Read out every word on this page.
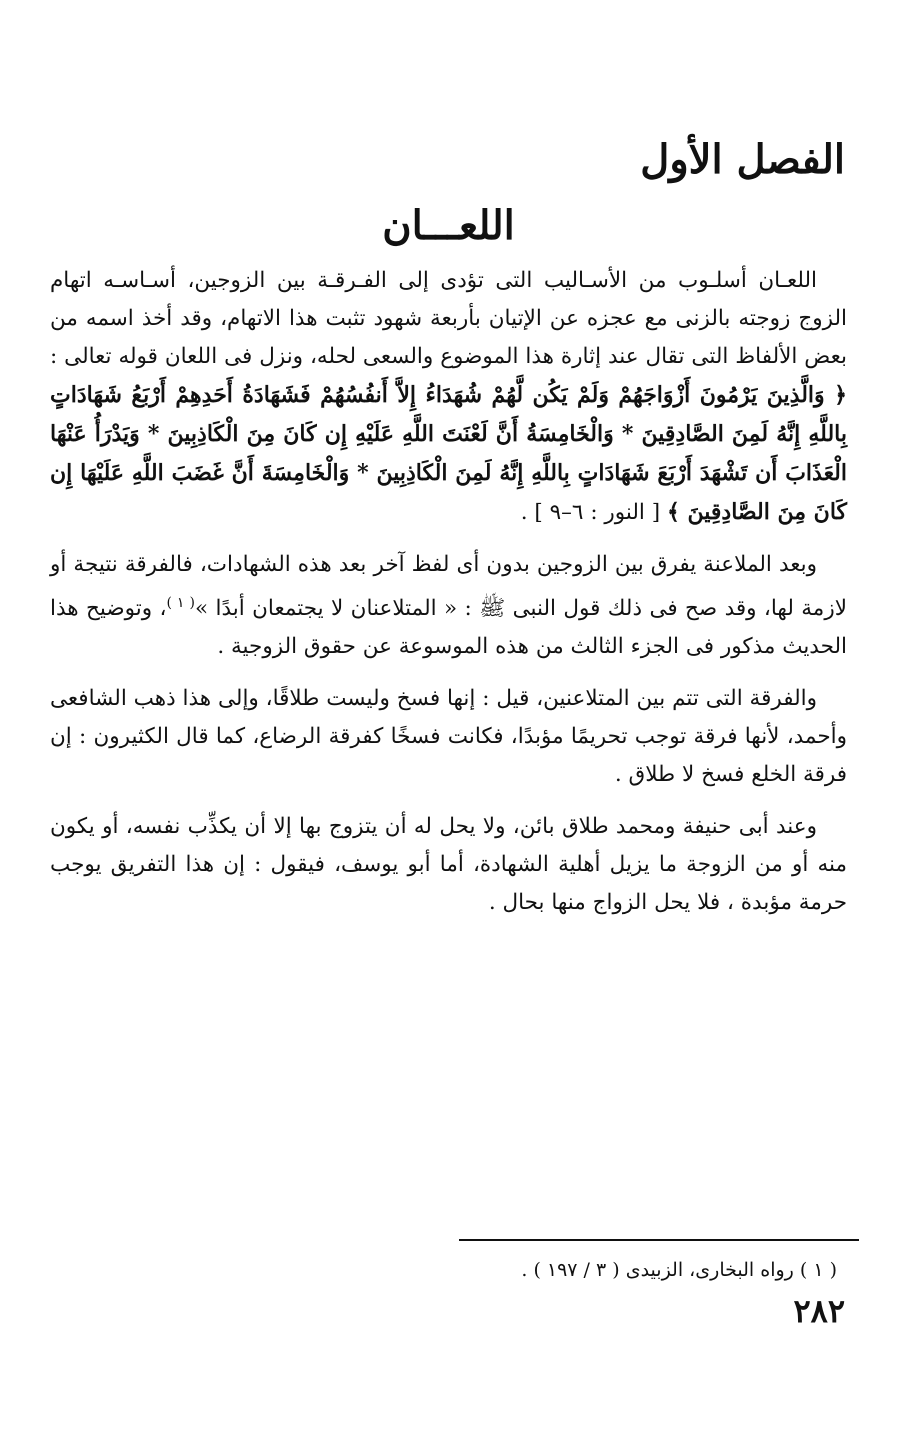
الفصل الأول
اللعـــان

اللعـان أسلـوب من الأسـاليب التى تؤدى إلى الفـرقـة بين الزوجين، أسـاسـه اتهام الزوج زوجته بالزنى مع عجزه عن الإتيان بأربعة شهود تثبت هذا الاتهام، وقد أخذ اسمه من بعض الألفاظ التى تقال عند إثارة هذا الموضوع والسعى لحله، ونزل فى اللعان قوله تعالى : ﴿ وَالَّذِينَ يَرْمُونَ أَزْوَاجَهُمْ وَلَمْ يَكُن لَّهُمْ شُهَدَاءُ إِلاَّ أَنفُسُهُمْ فَشَهَادَةُ أَحَدِهِمْ أَرْبَعُ شَهَادَاتٍ بِاللَّهِ إِنَّهُ لَمِنَ الصَّادِقِينَ * وَالْخَامِسَةُ أَنَّ لَعْنَتَ اللَّهِ عَلَيْهِ إِن كَانَ مِنَ الْكَاذِبِينَ * وَيَدْرَأُ عَنْهَا الْعَذَابَ أَن تَشْهَدَ أَرْبَعَ شَهَادَاتٍ بِاللَّهِ إِنَّهُ لَمِنَ الْكَاذِبِينَ * وَالْخَامِسَةَ أَنَّ غَضَبَ اللَّهِ عَلَيْهَا إِن كَانَ مِنَ الصَّادِقِينَ ﴾ [ النور : ٦–٩ ] .

وبعد الملاعنة يفرق بين الزوجين بدون أى لفظ آخر بعد هذه الشهادات، فالفرقة نتيجة أو لازمة لها، وقد صح فى ذلك قول النبى ﷺ : « المتلاعنان لا يجتمعان أبدًا »$^{( ١ )}$، وتوضيح هذا الحديث مذكور فى الجزء الثالث من هذه الموسوعة عن حقوق الزوجية .

والفرقة التى تتم بين المتلاعنين، قيل : إنها فسخ وليست طلاقًا، وإلى هذا ذهب الشافعى وأحمد، لأنها فرقة توجب تحريمًا مؤبدًا، فكانت فسخًا كفرقة الرضاع، كما قال الكثيرون : إن فرقة الخلع فسخ لا طلاق .

وعند أبى حنيفة ومحمد طلاق بائن، ولا يحل له أن يتزوج بها إلا أن يكذِّب نفسه، أو يكون منه أو من الزوجة ما يزيل أهلية الشهادة، أما أبو يوسف، فيقول : إن هذا التفريق يوجب حرمة مؤبدة ، فلا يحل الزواج منها بحال .

( ١ ) رواه البخارى، الزبيدى ( ٣ / ١٩٧ ) .
٢٨٢
